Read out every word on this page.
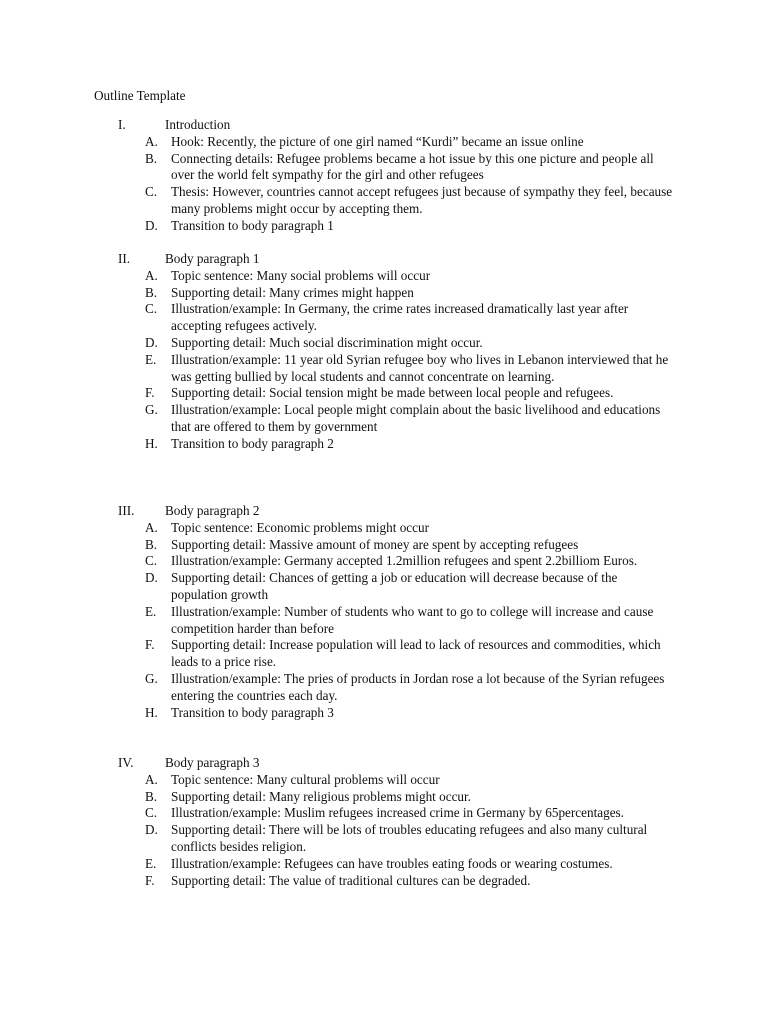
Outline Template
I.	Introduction
A. Hook: Recently, the picture of one girl named “Kurdi” became an issue online
B. Connecting details: Refugee problems became a hot issue by this one picture and people all over the world felt sympathy for the girl and other refugees
C. Thesis: However, countries cannot accept refugees just because of sympathy they feel, because many problems might occur by accepting them.
D. Transition to body paragraph 1
II.	Body paragraph 1
A. Topic sentence: Many social problems will occur
B. Supporting detail: Many crimes might happen
C. Illustration/example: In Germany, the crime rates increased dramatically last year after accepting refugees actively.
D. Supporting detail: Much social discrimination might occur.
E. Illustration/example: 11 year old Syrian refugee boy who lives in Lebanon interviewed that he was getting bullied by local students and cannot concentrate on learning.
F. Supporting detail: Social tension might be made between local people and refugees.
G. Illustration/example: Local people might complain about the basic livelihood and educations that are offered to them by government
H. Transition to body paragraph 2
III. Body paragraph 2
A. Topic sentence: Economic problems might occur
B. Supporting detail: Massive amount of money are spent by accepting refugees
C. Illustration/example: Germany accepted 1.2million refugees and spent 2.2billiom Euros.
D. Supporting detail: Chances of getting a job or education will decrease because of the population growth
E. Illustration/example: Number of students who want to go to college will increase and cause competition harder than before
F. Supporting detail: Increase population will lead to lack of resources and commodities, which leads to a price rise.
G. Illustration/example: The pries of products in Jordan rose a lot because of the Syrian refugees entering the countries each day.
H. Transition to body paragraph 3
IV. Body paragraph 3
A. Topic sentence: Many cultural problems will occur
B. Supporting detail: Many religious problems might occur.
C. Illustration/example: Muslim refugees increased crime in Germany by 65percentages.
D. Supporting detail: There will be lots of troubles educating refugees and also many cultural conflicts besides religion.
E. Illustration/example: Refugees can have troubles eating foods or wearing costumes.
F. Supporting detail: The value of traditional cultures can be degraded.
